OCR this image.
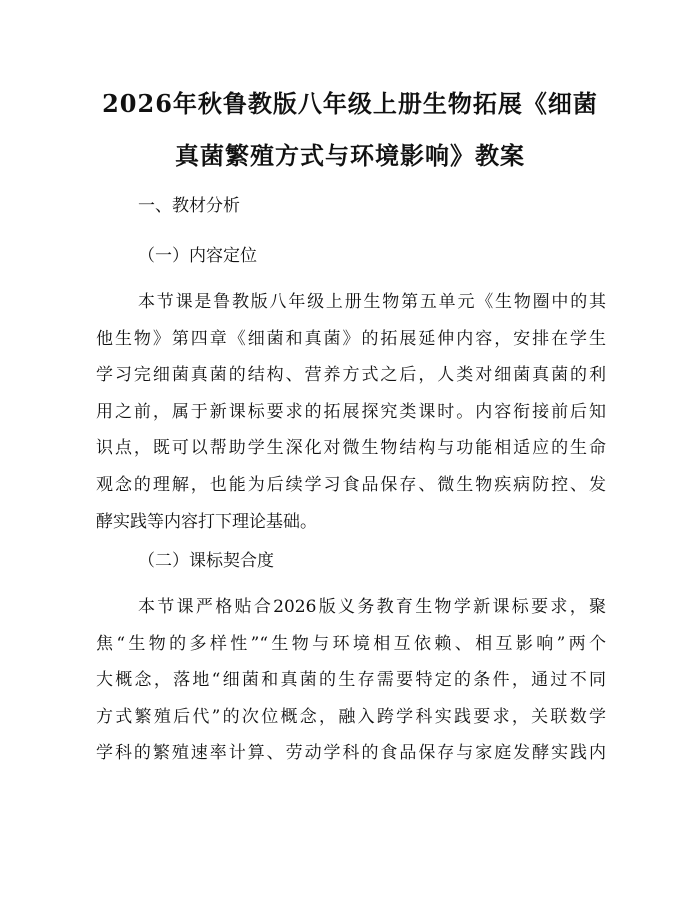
2026年秋鲁教版八年级上册生物拓展《细菌
真菌繁殖方式与环境影响》教案
一、教材分析
（一）内容定位
本节课是鲁教版八年级上册生物第五单元《生物圈中的其
他生物》第四章《细菌和真菌》的拓展延伸内容，安排在学生
学习完细菌真菌的结构、营养方式之后，人类对细菌真菌的利
用之前，属于新课标要求的拓展探究类课时。内容衔接前后知
识点，既可以帮助学生深化对微生物结构与功能相适应的生命
观念的理解，也能为后续学习食品保存、微生物疾病防控、发
酵实践等内容打下理论基础。
（二）课标契合度
本节课严格贴合2026版义务教育生物学新课标要求，聚
焦“生物的多样性”“生物与环境相互依赖、相互影响”两个
大概念，落地“细菌和真菌的生存需要特定的条件，通过不同
方式繁殖后代”的次位概念，融入跨学科实践要求，关联数学
学科的繁殖速率计算、劳动学科的食品保存与家庭发酵实践内
